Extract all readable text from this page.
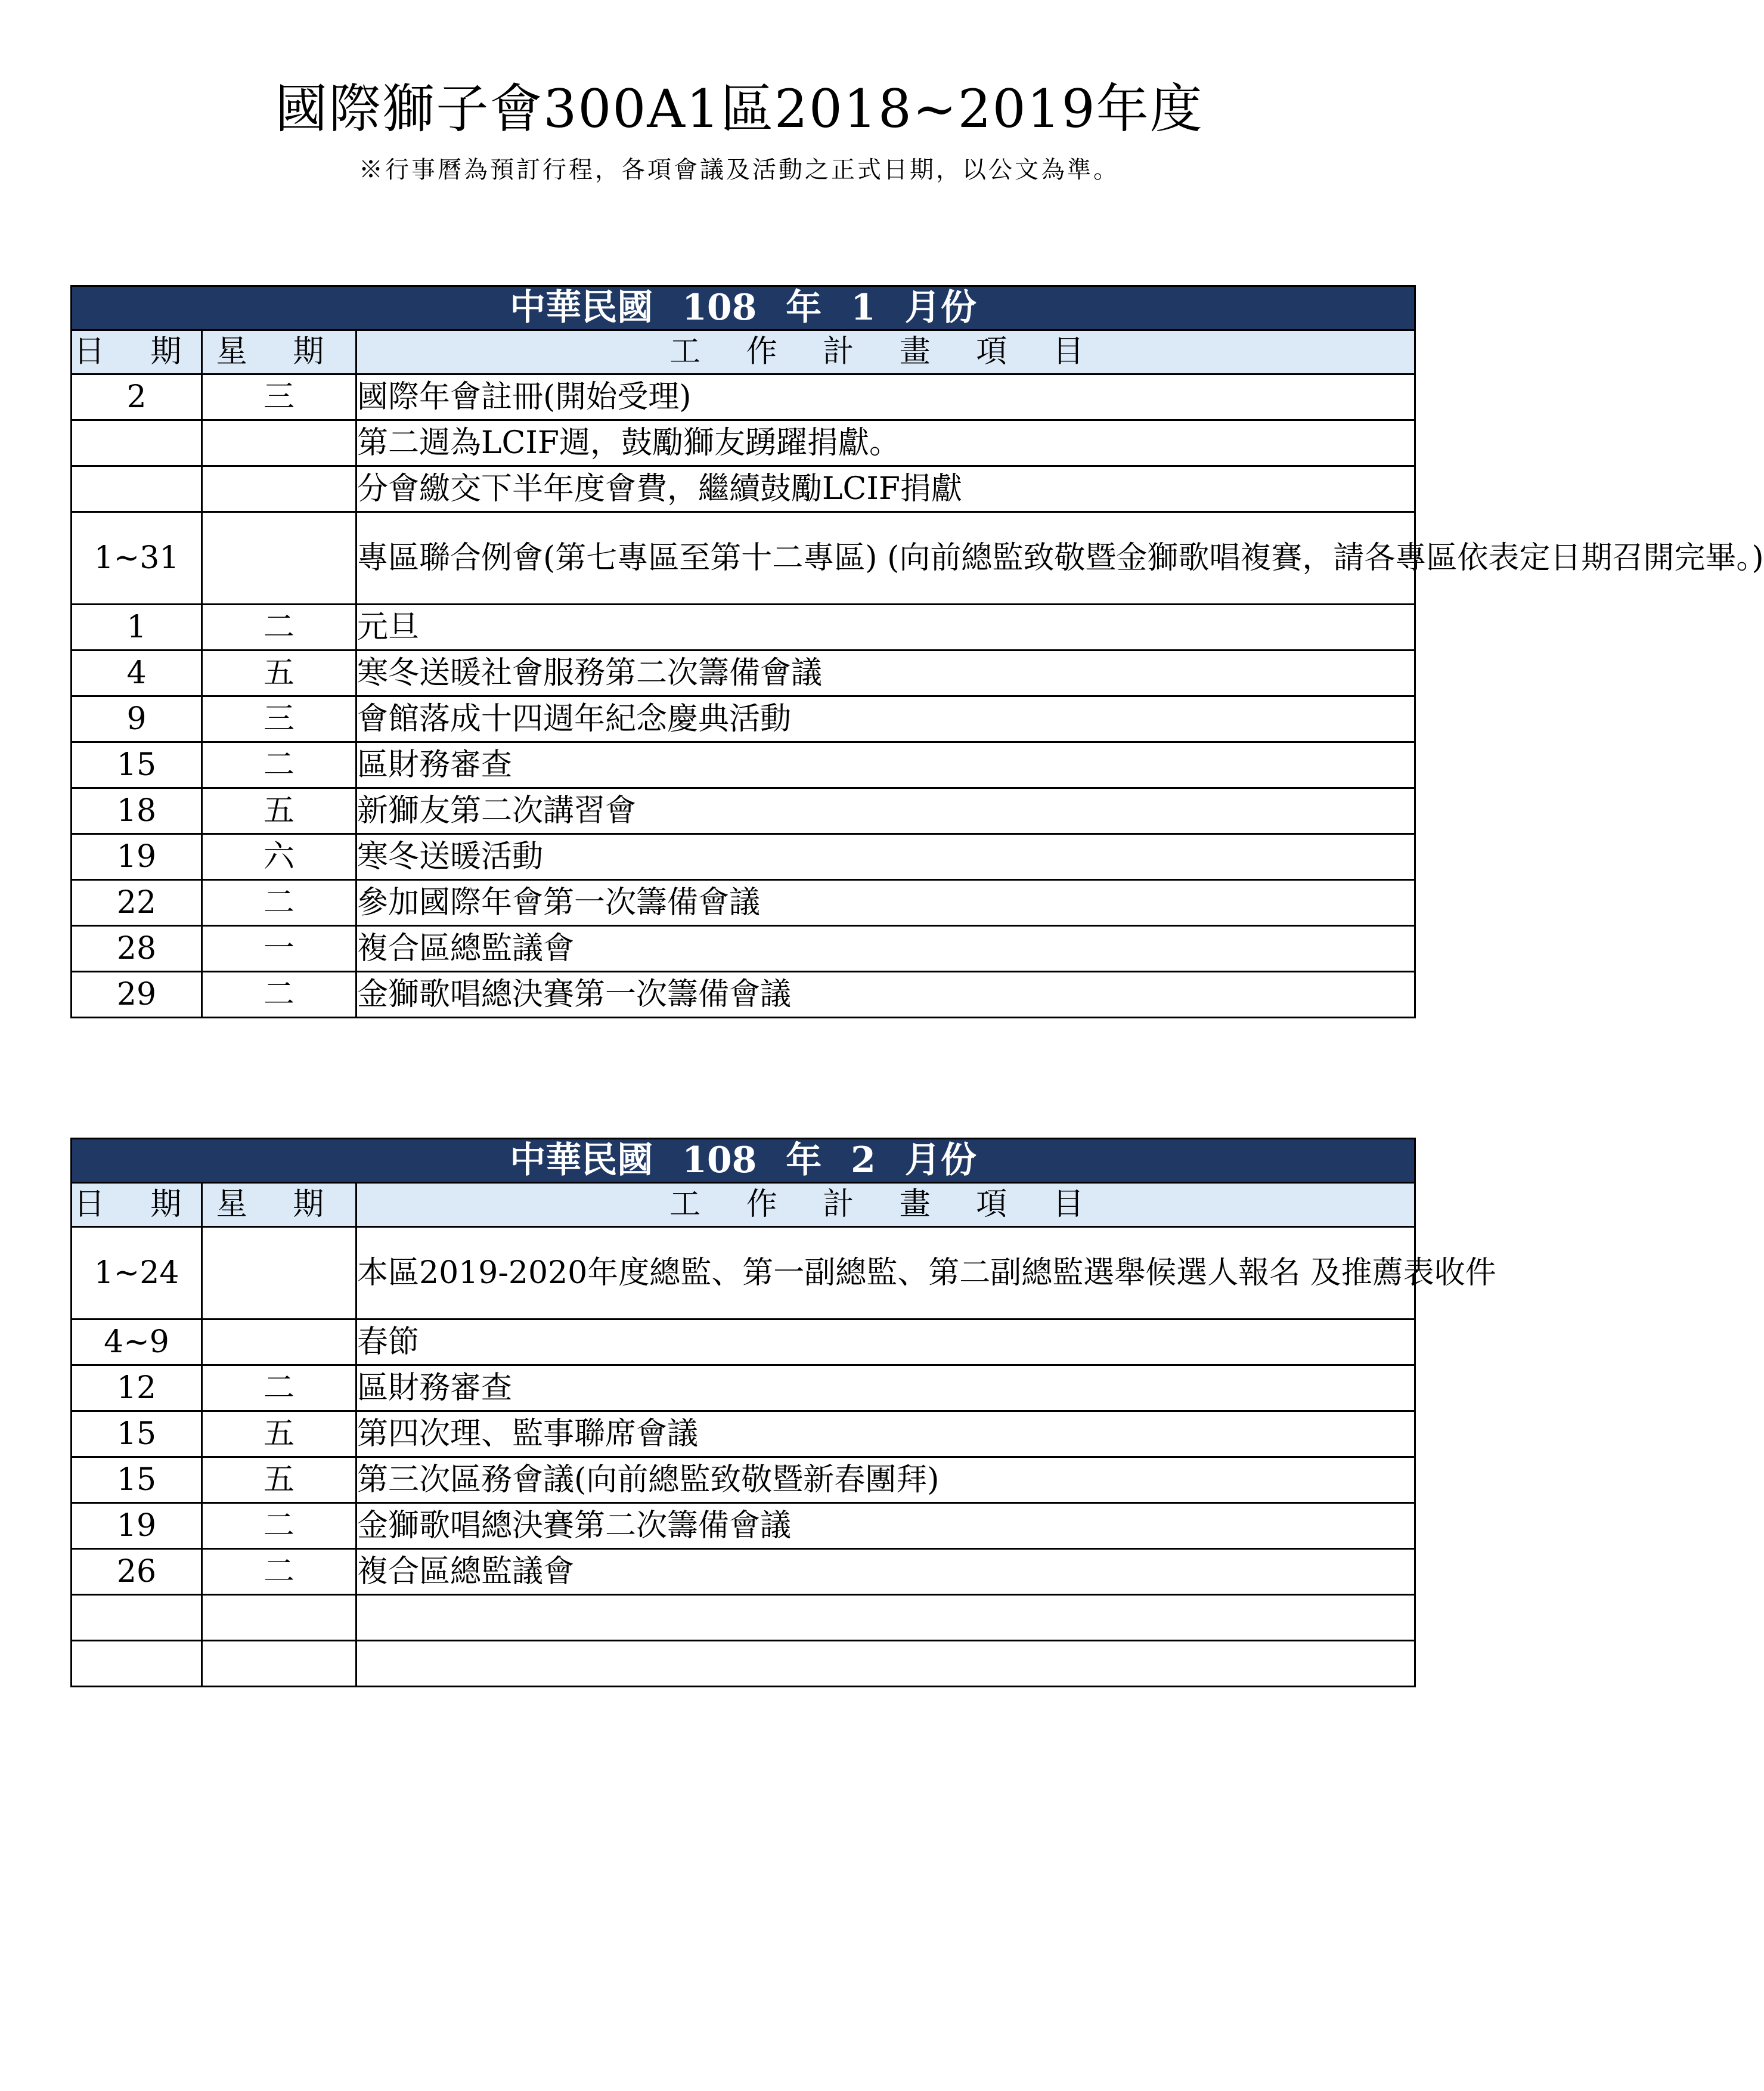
國際獅子會300A1區2018~2019年度
※行事曆為預訂行程，各項會議及活動之正式日期，以公文為準。
中華民國 108 年 1 月份		
日 期	星 期	工 作 計 畫 項 目
2	三	國際年會註冊(開始受理)
		第二週為LCIF週，鼓勵獅友踴躍捐獻。
		分會繳交下半年度會費，繼續鼓勵LCIF捐獻
1~31		專區聯合例會(第七專區至第十二專區) (向前總監致敬暨金獅歌唱複賽，請各專區依表定日期召開完畢。)
1	二	元旦
4	五	寒冬送暖社會服務第二次籌備會議
9	三	會館落成十四週年紀念慶典活動
15	二	區財務審查
18	五	新獅友第二次講習會
19	六	寒冬送暖活動
22	二	參加國際年會第一次籌備會議
28	一	複合區總監議會
29	二	金獅歌唱總決賽第一次籌備會議
中華民國 108 年 2 月份		
日 期	星 期	工 作 計 畫 項 目
1~24		本區2019-2020年度總監、第一副總監、第二副總監選舉候選人報名 及推薦表收件
4~9		春節
12	二	區財務審查
15	五	第四次理、監事聯席會議
15	五	第三次區務會議(向前總監致敬暨新春團拜)
19	二	金獅歌唱總決賽第二次籌備會議
26	二	複合區總監議會
